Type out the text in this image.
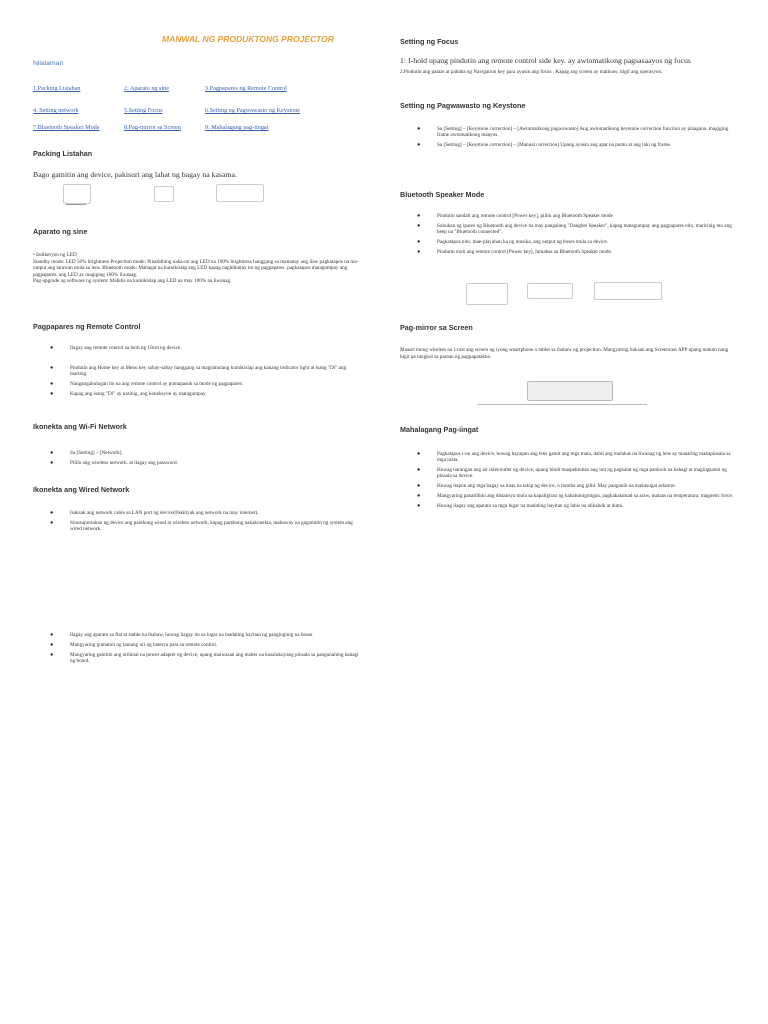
MANWAL NG PRODUKTONG PROJECTOR
Nilalaman
1.Packing Listahan	2. Aparato ng sine	3.Pagpapares ng Remote Control
4. Setting network	5.Setting Focus	6.Setting ng Pagwawasto ng Keystone
7.Bluetooth Speaker Mode	8.Pag-mirror sa Screen	9. Mahalagang pag-iingat
Packing Listahan
Bago gamitin ang device, pakisuri ang lahat ng bagay na kasama.
Aparato ng sine
• Indikeryon ng LED
Standby mode: LED 50% brightness Projection mode: Pinatitibing naka-on ang LED na 100% brightness hanggang sa mamatay ang ilaw pagkatapos na ma-output ang larawan mula sa lens. Bluetooth mode: Mabagal na kumikislap ang LED kapag naghihintay ito ng pagpapares. pagkatapos matagumpay ang pagpapares, ang LED ay magiging 100% liwanag.
Pag-upgrade ng software ng system: Mabilis na kumikislap ang LED na may 100% na liwanag.
Pagpapares ng Remote Control
● Ilagay ang remote control sa loob ng 10cm ng device.
● Pindutin ang Home key at Menu key sabay-sabay hanggang sa magsimulang kumikislap ang kanang indicator light at isang "Di" ang marinig.
● Nangangahulugan ito na ang remote control ay pumapasok sa mode ng pagpapares.
● Kapag ang isang "Di" ay narinig, ang koneksyon ay matagumpay.
Ikonekta ang Wi-Fi Network
● Sa [Setting] – [Network]
● Piliin ang wireless network. at ilagay ang password.
Ikonekta ang Wired Network
● Isaksak ang network cable sa LAN port ng device(Pakitiyak ang network na may internet).
● Sinusuportahan ng device ang parehong wired at wireless network, kapag parehong nakakonekta, mabuway na gagamitin ng system ang wired network.
● Ilagay ang aparato sa flat at stable na ibabaw, huwag ilagay ito sa lugar na madaling hayitan ng panginginig na bosas
● Mangyaring gumamit ng tamang uri ng baterya para sa remote control.
● Mangyaring gamitin ang orihinal na power adapter ng device, upang maiwasan ang matter na kasalukuyang pinsala sa pangunahing bahagi ng board.
Setting ng Focus
1: I-hold upang pindutin ang remote control side key. ay awtomatikong pagsasaayos ng focus
2.Pindutin ang pataas at pababa ng Navigation key para ayusin ang focus . Kapag ang screen ay malinaw, itigil ang operasyon.
Setting ng Pagwawasto ng Keystone
● Sa [Setting] – [Keystone correction] – [Awtomatikong pagwawasto] Ang awtomatikong keystone correction function ay pinagana. magiging frame awtomatikong maayos.
● Sa [Setting] – [Keystone correction] – [Manual correction] Upang ayusin ang apat na punto at ang laki ng frame.
Bluetooth Speaker Mode
● Pindutin sandali ang remote control [Power key], piliin ang Bluetooth Speaker mode.
● Subukan ng ipares ng Bluetooth ang device na may pangalang "Dangbei Speaker", kapag matagumpay ang pagpapares nito, maririnig mo ang beep na "Bluetooth connected".
● Pagkatapos nito, mae-playahan ka ng musika, ang output ng boses mula sa device.
● Pindutin muli ang remote control [Power key], lumabas sa Bluetooth Speaker mode.
Pag-mirror sa Screen
Maaari mong wireless na i-cast ang screen ng iyong smartphone o tablet sa ibabaw ng projection. Mangyaring buksan ang Screencast APP upang matuto nang higit pa tungkol sa paraan ng pagpapatakbo.
Mahalagang Pag-iingat
● Pagkatapos i-on ang device, huwag hayapan ang lens gamit ang mga mata, dahil ang malakas na liwanag ng lens ay maaaring makapinsala sa mga mata.
● Huwag harangan ang air inlet/outlet ng device, upang hindi maapektuhan ang init ng pagkalat ng mga panloob na bahagi at magingsanhi ng pinsala sa device.
● Huwag itapon ang mga bagay sa itaas na takip ng device, o itumba ang gilid. May panganib na makasugat selamin.
● Mangyaring panatilihin ang distansya mula sa kapaligiran ng kahalumigmigan, pagkakalantad sa araw, mataas na temperatura, magnetic force.
● Huwag ilagay ang aparato sa mga lugar na madaling hayitan ng labis na alikabok at dumi.
